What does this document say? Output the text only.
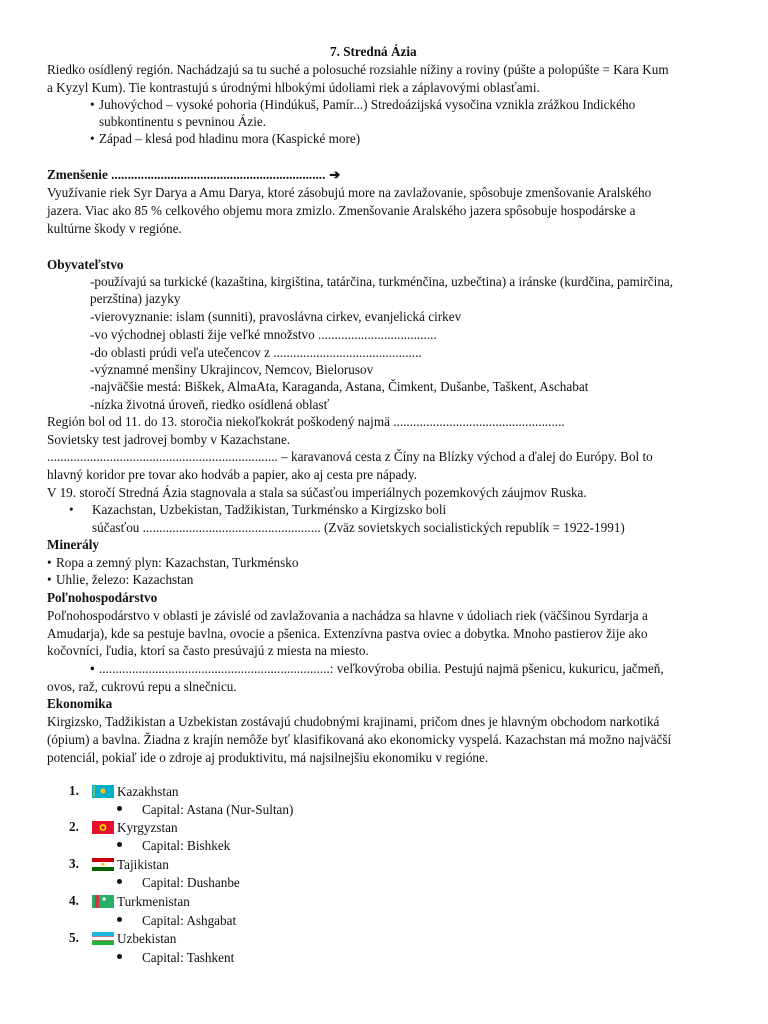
7. Stredná Ázia
Riedko osídlený región. Nachádzajú sa tu suché a polosuché rozsiahle nížiny a roviny (púšte a polopúšte = Kara Kum
a Kyzyl Kum). Tie kontrastujú s úrodnými hlbokými údoliami riek a záplavovými oblasťami.
• Juhovýchod – vysoké pohoria (Hindúkuš, Pamír...) Stredoázijská vysočina vznikla zrážkou Indického
subkontinentu s pevninou Ázie.
• Západ – klesá pod hladinu mora (Kaspické more)
Zmenšenie ................................................................. ➔
Využívanie riek Syr Darya a Amu Darya, ktoré zásobujú more na zavlažovanie, spôsobuje zmenšovanie Aralského
jazera. Viac ako 85 % celkového objemu mora zmizlo. Zmenšovanie Aralského jazera spôsobuje hospodárske a
kultúrne škody v regióne.
Obyvateľstvo
-používajú sa turkické (kazaština, kirgiština, tatárčina, turkménčina, uzbečtina) a iránske (kurdčina, pamirčina,
perzština) jazyky
-vierovyznanie: islam (sunniti), pravoslávna cirkev, evanjelická cirkev
-vo východnej oblasti žije veľké množstvo ....................................
-do oblasti prúdi veľa utečencov z .............................................
-významné menšiny Ukrajincov, Nemcov, Bielorusov
-najväčšie mestá: Biškek, AlmaAta, Karaganda, Astana, Čimkent, Dušanbe, Taškent, Aschabat
-nízka životná úroveň, riedko osídlená oblasť
Región bol od 11. do 13. storočia niekoľkokrát poškodený najmä ....................................................
Sovietsky test jadrovej bomby v Kazachstane.
...................................................................... – karavanová cesta z Číny na Blízky východ a ďalej do Európy. Bol to
hlavný koridor pre tovar ako hodváb a papier, ako aj cesta pre nápady.
V 19. storočí Stredná Ázia stagnovala a stala sa súčasťou imperiálnych pozemkových záujmov Ruska.
• Kazachstan, Uzbekistan, Tadžikistan, Turkménsko a Kirgizsko boli
súčasťou ...................................................... (Zväz sovietskych socialistických republík = 1922-1991)
Minerály
• Ropa a zemný plyn: Kazachstan, Turkménsko
• Uhlie, železo: Kazachstan
Poľnohospodárstvo
Poľnohospodárstvo v oblasti je závislé od zavlažovania a nachádza sa hlavne v údoliach riek (väčšinou Syrdarja a
Amudarja), kde sa pestuje bavlna, ovocie a pšenica. Extenzívna pastva oviec a dobytka. Mnoho pastierov žije ako
kočovníci, ľudia, ktorí sa často presúvajú z miesta na miesto.
• ......................................................................: veľkovýroba obilia. Pestujú najmä pšenicu, kukuricu, jačmeň,
ovos, raž, cukrovú repu a slnečnicu.
Ekonomika
Kirgizsko, Tadžikistan a Uzbekistan zostávajú chudobnými krajinami, pričom dnes je hlavným obchodom narkotiká
(ópium) a bavlna. Žiadna z krajín nemôže byť klasifikovaná ako ekonomicky vyspelá. Kazachstan má možno najväčší
potenciál, pokiaľ ide o zdroje aj produktivitu, má najsilnejšiu ekonomiku v regióne.
1.	Kazakhstan
Capital: Astana (Nur-Sultan)
2.	Kyrgyzstan
Capital: Bishkek
3.	Tajikistan
Capital: Dushanbe
4.	Turkmenistan
Capital: Ashgabat
5.	Uzbekistan
Capital: Tashkent
